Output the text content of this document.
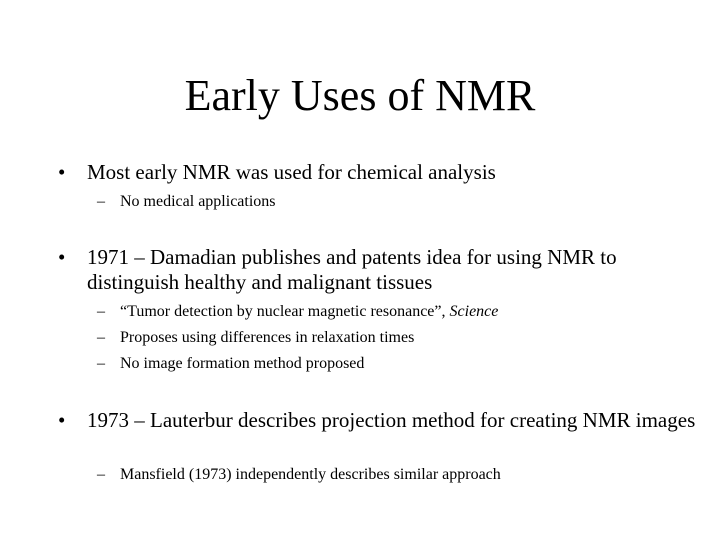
Early Uses of NMR
•	Most early NMR was used for chemical analysis
– No medical applications
•	1971 – Damadian publishes and patents idea for using NMR to distinguish healthy and malignant tissues
– “Tumor detection by nuclear magnetic resonance”, Science
– Proposes using differences in relaxation times
– No image formation method proposed
•	1973 – Lauterbur describes projection method for creating NMR images
– Mansfield (1973) independently describes similar approach
